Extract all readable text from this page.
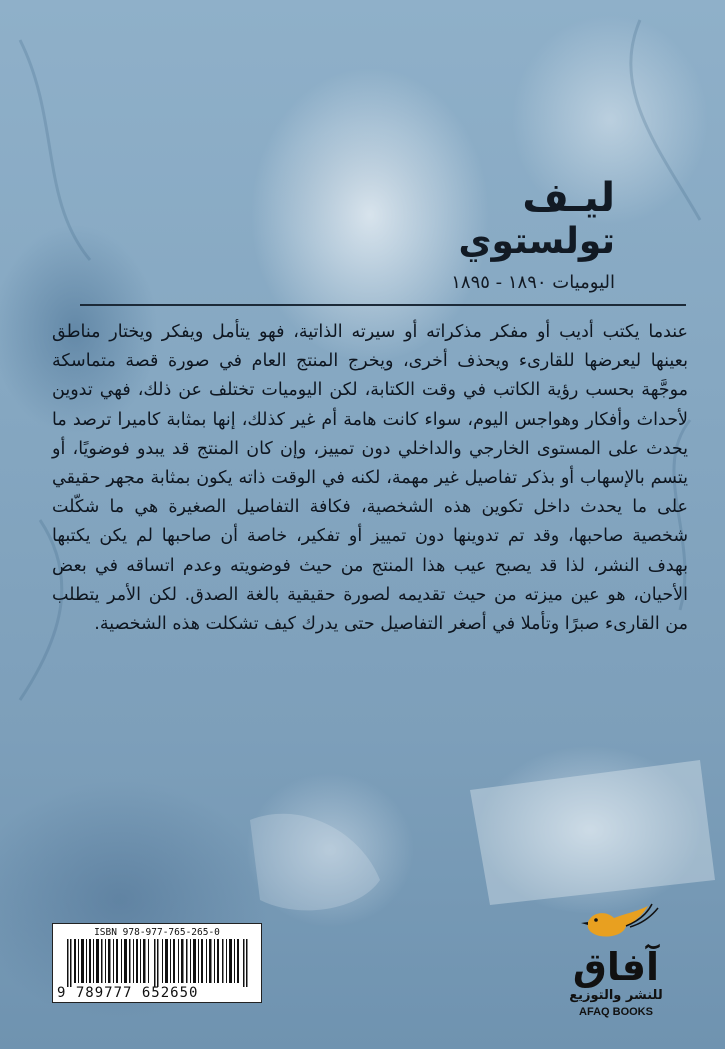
ليـف
تولستوي
اليوميات ١٨٩٠ - ١٨٩٥
عندما يكتب أديب أو مفكر مذكراته أو سيرته الذاتية، فهو يتأمل ويفكر ويختار مناطق بعينها ليعرضها للقارىء ويحذف أخرى، ويخرج المنتج العام في صورة قصة متماسكة موجَّهة بحسب رؤية الكاتب في وقت الكتابة، لكن اليوميات تختلف عن ذلك، فهي تدوين لأحداث وأفكار وهواجس اليوم، سواء كانت هامة أم غير كذلك، إنها بمثابة كاميرا ترصد ما يحدث على المستوى الخارجي والداخلي دون تمييز، وإن كان المنتج قد يبدو فوضويًا، أو يتسم بالإسهاب أو بذكر تفاصيل غير مهمة، لكنه في الوقت ذاته يكون بمثابة مجهر حقيقي على ما يحدث داخل تكوين هذه الشخصية، فكافة التفاصيل الصغيرة هي ما شكّلت شخصية صاحبها، وقد تم تدوينها دون تمييز أو تفكير، خاصة أن صاحبها لم يكن يكتبها بهدف النشر، لذا قد يصبح عيب هذا المنتج من حيث فوضويته وعدم اتساقه في بعض الأحيان، هو عين ميزته من حيث تقديمه لصورة حقيقية بالغة الصدق. لكن الأمر يتطلب من القارىء صبرًا وتأملا في أصغر التفاصيل حتى يدرك كيف تشكلت هذه الشخصية.
ISBN 978-977-765-265-0
9 789777 652650
آفاق
للنشر والتوزيع
AFAQ BOOKS
